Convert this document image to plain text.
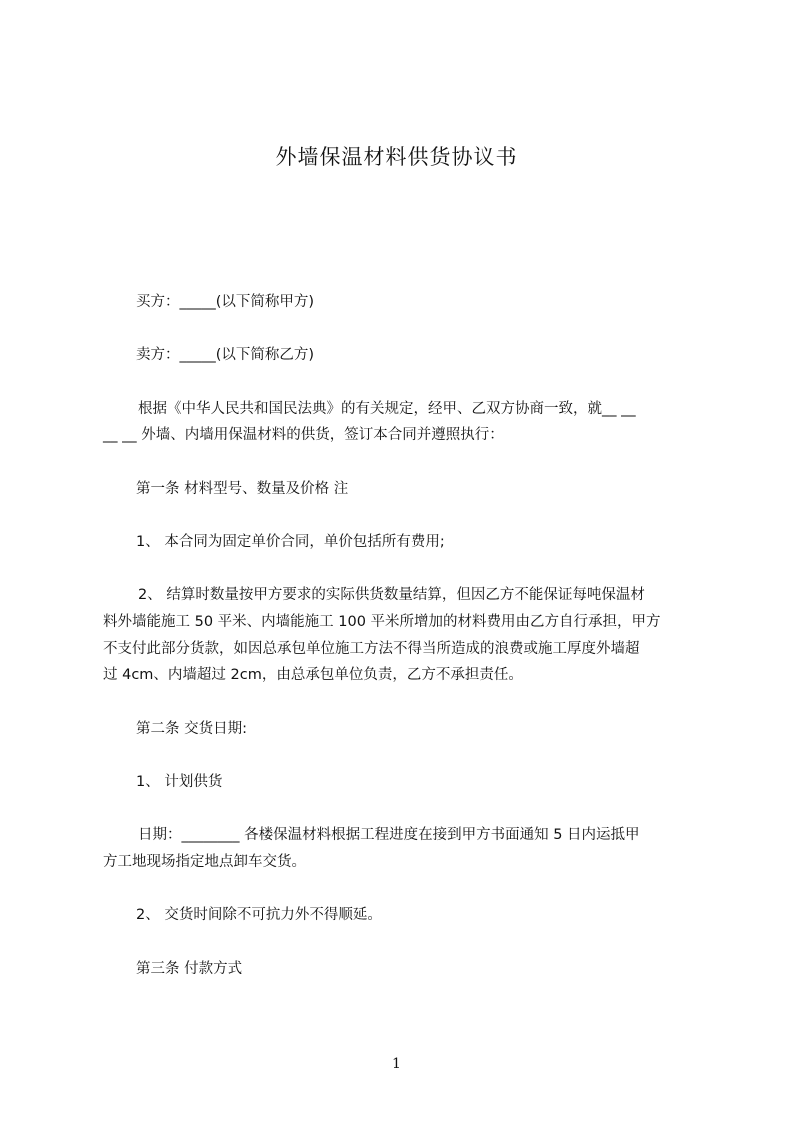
外墙保温材料供货协议书
买方：_____(以下简称甲方)
卖方：_____(以下简称乙方)
根据《中华人民共和国民法典》的有关规定，经甲、乙双方协商一致，就__ __
__ __ 外墙、内墙用保温材料的供货，签订本合同并遵照执行：
第一条 材料型号、数量及价格 注
1、 本合同为固定单价合同，单价包括所有费用;
2、 结算时数量按甲方要求的实际供货数量结算，但因乙方不能保证每吨保温材
料外墙能施工 50 平米、内墙能施工 100 平米所增加的材料费用由乙方自行承担，甲方
不支付此部分货款，如因总承包单位施工方法不得当所造成的浪费或施工厚度外墙超
过 4cm、内墙超过 2cm，由总承包单位负责，乙方不承担责任。
第二条 交货日期:
1、 计划供货
日期：________ 各楼保温材料根据工程进度在接到甲方书面通知 5 日内运抵甲
方工地现场指定地点卸车交货。
2、 交货时间除不可抗力外不得顺延。
第三条 付款方式
1
